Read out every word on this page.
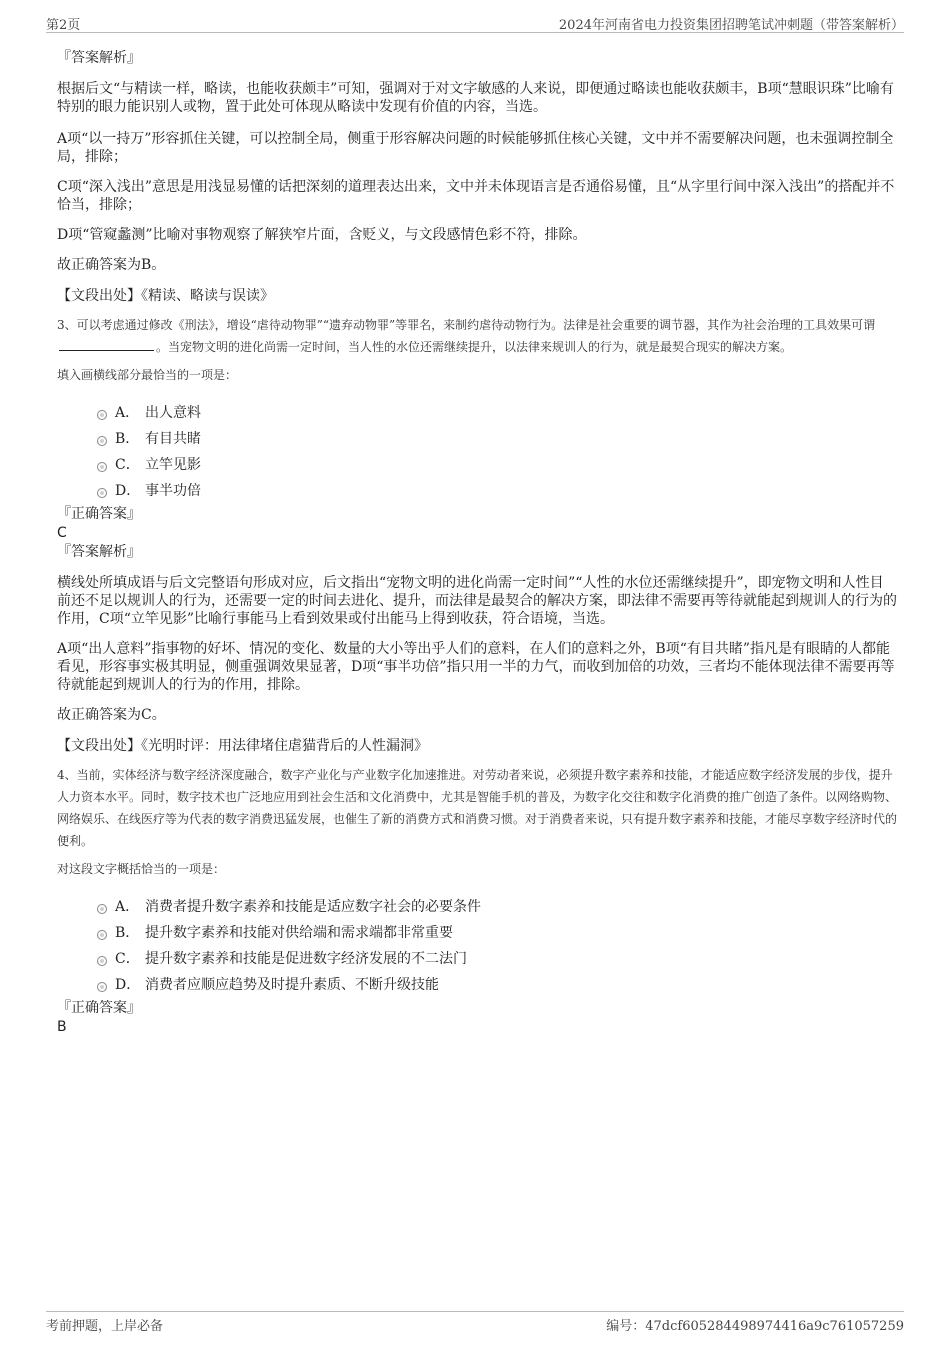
第2页	2024年河南省电力投资集团招聘笔试冲刺题（带答案解析）

『答案解析』

根据后文“与精读一样，略读，也能收获颇丰”可知，强调对于对文字敏感的人来说，即便通过略读也能收获颇丰，B项“慧眼识珠”比喻有特别的眼力能识别人或物，置于此处可体现从略读中发现有价值的内容，当选。

A项“以一持万”形容抓住关键，可以控制全局，侧重于形容解决问题的时候能够抓住核心关键，文中并不需要解决问题，也未强调控制全局，排除；

C项“深入浅出”意思是用浅显易懂的话把深刻的道理表达出来，文中并未体现语言是否通俗易懂，且“从字里行间中深入浅出”的搭配并不恰当，排除；

D项“管窥蠡测”比喻对事物观察了解狭窄片面，含贬义，与文段感情色彩不符，排除。

故正确答案为B。

【文段出处】《精读、略读与误读》

3、可以考虑通过修改《刑法》，增设“虐待动物罪”“遗弃动物罪”等罪名，来制约虐待动物行为。法律是社会重要的调节器，其作为社会治理的工具效果可谓。当宠物文明的进化尚需一定时间，当人性的水位还需继续提升，以法律来规训人的行为，就是最契合现实的解决方案。

填入画横线部分最恰当的一项是：

A． 出人意料
B． 有目共睹
C． 立竿见影
D． 事半功倍

『正确答案』

C

『答案解析』

横线处所填成语与后文完整语句形成对应，后文指出“宠物文明的进化尚需一定时间”“人性的水位还需继续提升”，即宠物文明和人性目前还不足以规训人的行为，还需要一定的时间去进化、提升，而法律是最契合的解决方案，即法律不需要再等待就能起到规训人的行为的作用，C项“立竿见影”比喻行事能马上看到效果或付出能马上得到收获，符合语境，当选。

A项“出人意料”指事物的好坏、情况的变化、数量的大小等出乎人们的意料，在人们的意料之外，B项“有目共睹”指凡是有眼睛的人都能看见，形容事实极其明显，侧重强调效果显著，D项“事半功倍”指只用一半的力气，而收到加倍的功效，三者均不能体现法律不需要再等待就能起到规训人的行为的作用，排除。

故正确答案为C。

【文段出处】《光明时评：用法律堵住虐猫背后的人性漏洞》

4、当前，实体经济与数字经济深度融合，数字产业化与产业数字化加速推进。对劳动者来说，必须提升数字素养和技能，才能适应数字经济发展的步伐，提升人力资本水平。同时，数字技术也广泛地应用到社会生活和文化消费中，尤其是智能手机的普及，为数字化交往和数字化消费的推广创造了条件。以网络购物、网络娱乐、在线医疗等为代表的数字消费迅猛发展，也催生了新的消费方式和消费习惯。对于消费者来说，只有提升数字素养和技能，才能尽享数字经济时代的便利。

对这段文字概括恰当的一项是：

A． 消费者提升数字素养和技能是适应数字社会的必要条件
B． 提升数字素养和技能对供给端和需求端都非常重要
C． 提升数字素养和技能是促进数字经济发展的不二法门
D． 消费者应顺应趋势及时提升素质、不断升级技能

『正确答案』

B

考前押题，上岸必备	编号：47dcf605284498974416a9c761057259
